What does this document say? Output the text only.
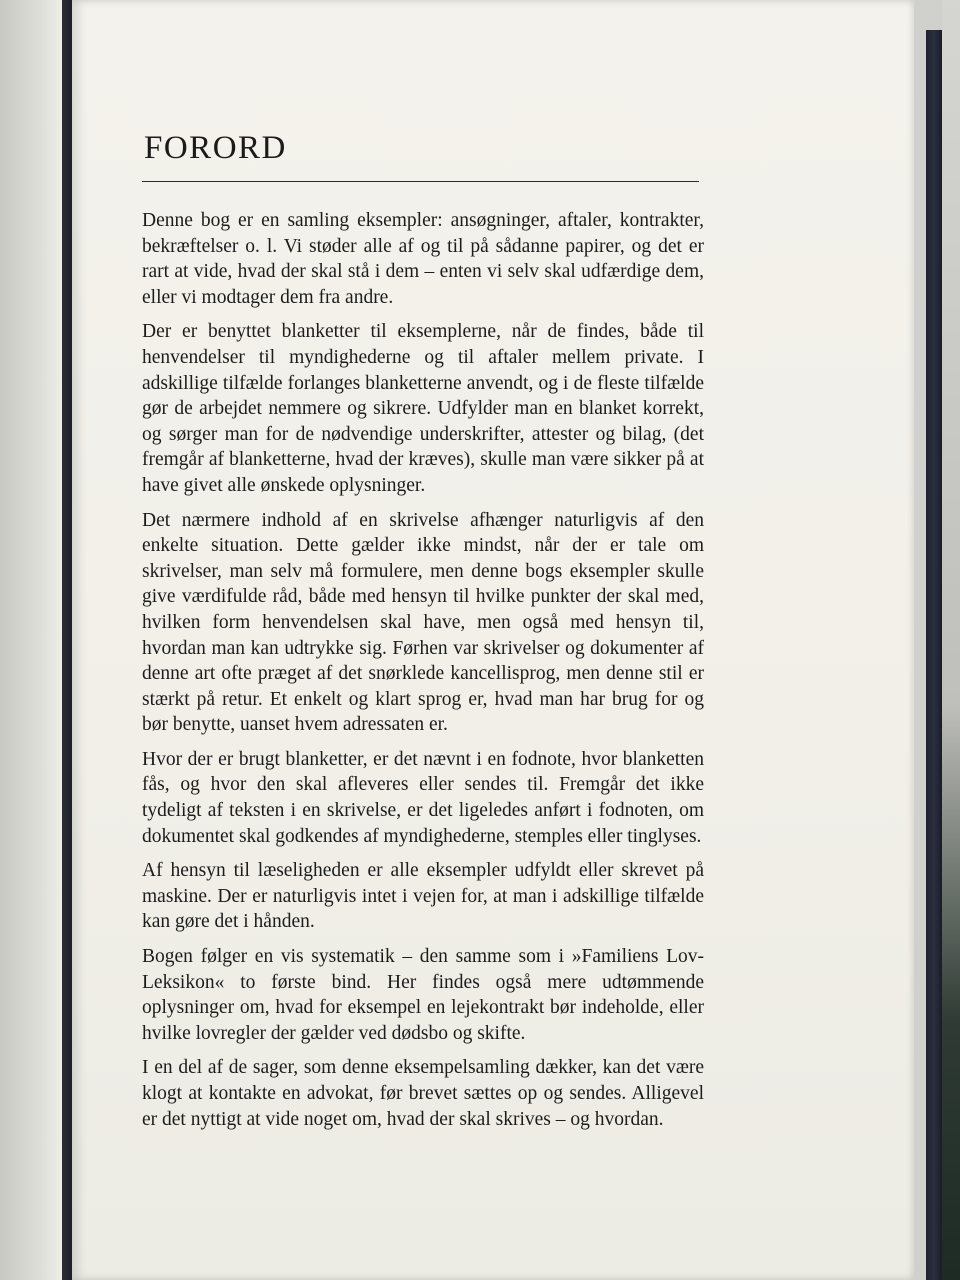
FORORD

Denne bog er en samling eksempler: ansøgninger, aftaler, kontrakter, bekræftelser o. l. Vi støder alle af og til på sådanne papirer, og det er rart at vide, hvad der skal stå i dem – enten vi selv skal udfærdige dem, eller vi modtager dem fra andre.

Der er benyttet blanketter til eksemplerne, når de findes, både til henvendelser til myndighederne og til aftaler mellem private. I adskillige tilfælde forlanges blanketterne anvendt, og i de fleste tilfælde gør de arbejdet nemmere og sikrere. Udfylder man en blanket korrekt, og sørger man for de nødvendige underskrifter, attester og bilag, (det fremgår af blanketterne, hvad der kræves), skulle man være sikker på at have givet alle ønskede oplysninger.

Det nærmere indhold af en skrivelse afhænger naturligvis af den enkelte situation. Dette gælder ikke mindst, når der er tale om skrivelser, man selv må formulere, men denne bogs eksempler skulle give værdifulde råd, både med hensyn til hvilke punkter der skal med, hvilken form henvendelsen skal have, men også med hensyn til, hvordan man kan udtrykke sig. Førhen var skrivelser og dokumenter af denne art ofte præget af det snørklede kancellisprog, men denne stil er stærkt på retur. Et enkelt og klart sprog er, hvad man har brug for og bør benytte, uanset hvem adressaten er.

Hvor der er brugt blanketter, er det nævnt i en fodnote, hvor blanketten fås, og hvor den skal afleveres eller sendes til. Fremgår det ikke tydeligt af teksten i en skrivelse, er det ligeledes anført i fodnoten, om dokumentet skal godkendes af myndighederne, stemples eller tinglyses.

Af hensyn til læseligheden er alle eksempler udfyldt eller skrevet på maskine. Der er naturligvis intet i vejen for, at man i adskillige tilfælde kan gøre det i hånden.

Bogen følger en vis systematik – den samme som i »Familiens Lov-Leksikon« to første bind. Her findes også mere udtømmende oplysninger om, hvad for eksempel en lejekontrakt bør indeholde, eller hvilke lovregler der gælder ved dødsbo og skifte.

I en del af de sager, som denne eksempelsamling dækker, kan det være klogt at kontakte en advokat, før brevet sættes op og sendes. Alligevel er det nyttigt at vide noget om, hvad der skal skrives – og hvordan.
